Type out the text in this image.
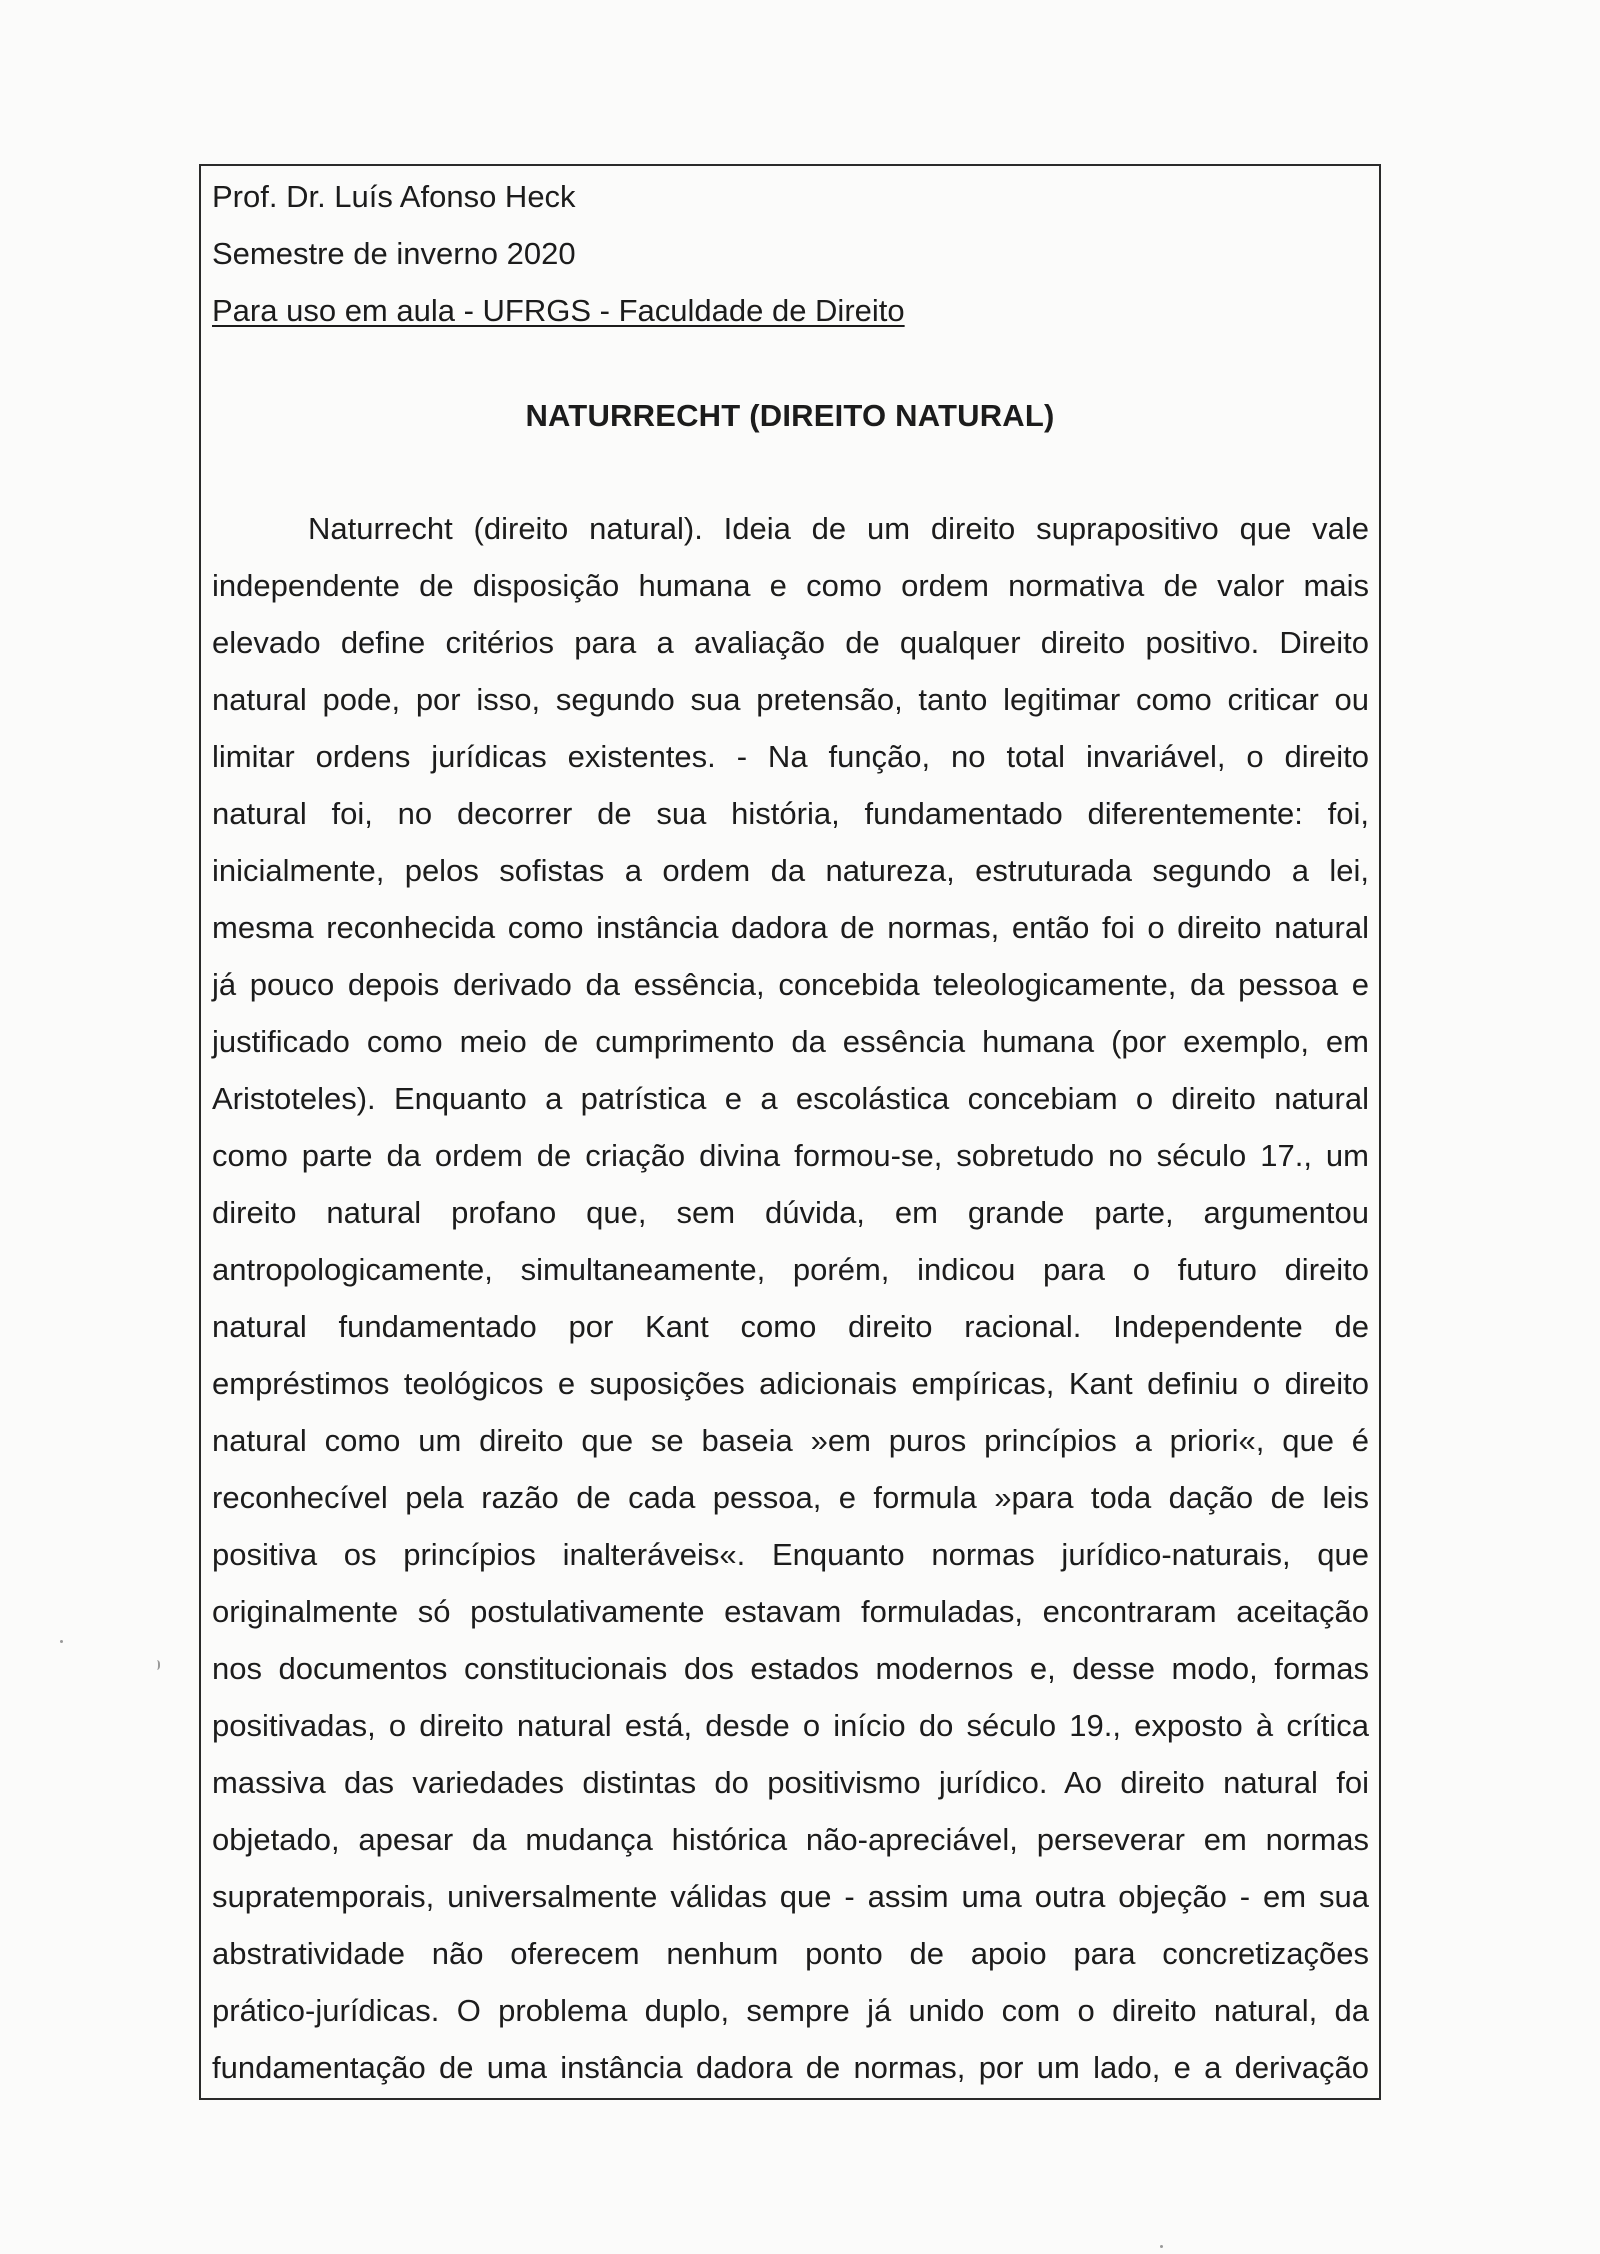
Prof. Dr. Luís Afonso Heck
Semestre de inverno 2020
Para uso em aula - UFRGS - Faculdade de Direito
NATURRECHT (DIREITO NATURAL)
Naturrecht (direito natural). Ideia de um direito suprapositivo que vale
independente de disposição humana e como ordem normativa de valor mais
elevado define critérios para a avaliação de qualquer direito positivo. Direito
natural pode, por isso, segundo sua pretensão, tanto legitimar como criticar ou
limitar ordens jurídicas existentes. - Na função, no total invariável, o direito
natural foi, no decorrer de sua história, fundamentado diferentemente: foi,
inicialmente, pelos sofistas a ordem da natureza, estruturada segundo a lei,
mesma reconhecida como instância dadora de normas, então foi o direito natural
já pouco depois derivado da essência, concebida teleologicamente, da pessoa e
justificado como meio de cumprimento da essência humana (por exemplo, em
Aristoteles). Enquanto a patrística e a escolástica concebiam o direito natural
como parte da ordem de criação divina formou-se, sobretudo no século 17., um
direito natural profano que, sem dúvida, em grande parte, argumentou
antropologicamente, simultaneamente, porém, indicou para o futuro direito
natural fundamentado por Kant como direito racional. Independente de
empréstimos teológicos e suposições adicionais empíricas, Kant definiu o direito
natural como um direito que se baseia »em puros princípios a priori«, que é
reconhecível pela razão de cada pessoa, e formula »para toda dação de leis
positiva os princípios inalteráveis«. Enquanto normas jurídico-naturais, que
originalmente só postulativamente estavam formuladas, encontraram aceitação
nos documentos constitucionais dos estados modernos e, desse modo, formas
positivadas, o direito natural está, desde o início do século 19., exposto à crítica
massiva das variedades distintas do positivismo jurídico. Ao direito natural foi
objetado, apesar da mudança histórica não-apreciável, perseverar em normas
supratemporais, universalmente válidas que - assim uma outra objeção - em sua
abstratividade não oferecem nenhum ponto de apoio para concretizações
prático-jurídicas. O problema duplo, sempre já unido com o direito natural, da
fundamentação de uma instância dadora de normas, por um lado, e a derivação
